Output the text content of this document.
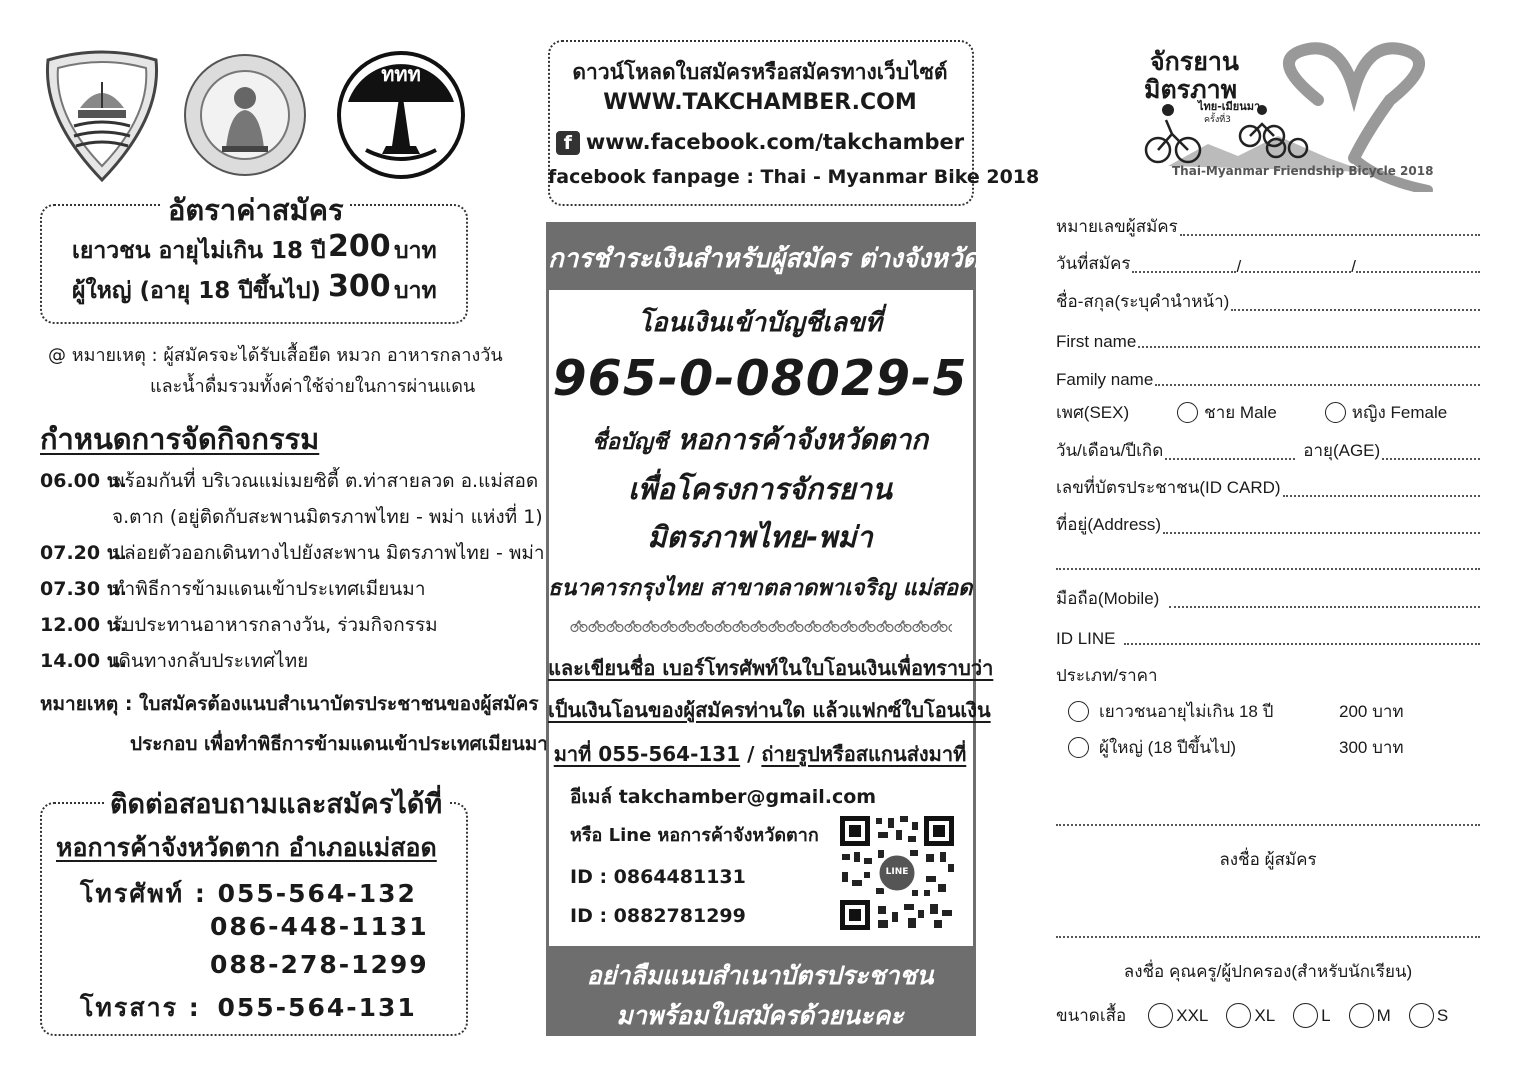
ททท
อัตราค่าสมัคร
เยาวชน อายุไม่เกิน 18 ปี 200 บาท
ผู้ใหญ่ (อายุ 18 ปีขึ้นไป) 300 บาท
@ หมายเหตุ : ผู้สมัครจะได้รับเสื้อยืด หมวก อาหารกลางวัน
และน้ำดื่มรวมทั้งค่าใช้จ่ายในการผ่านแดน
กำหนดการจัดกิจกรรม
06.00 น.พร้อมกันที่ บริเวณแม่เมยซิตี้ ต.ท่าสายลวด อ.แม่สอด
จ.ตาก (อยู่ติดกับสะพานมิตรภาพไทย - พม่า แห่งที่ 1)
07.20 น.ปล่อยตัวออกเดินทางไปยังสะพาน มิตรภาพไทย - พม่า
07.30 น.ทำพิธีการข้ามแดนเข้าประเทศเมียนมา
12.00 น.รับประทานอาหารกลางวัน, ร่วมกิจกรรม
14.00 น.เดินทางกลับประเทศไทย
หมายเหตุ : ใบสมัครต้องแนบสำเนาบัตรประชาชนของผู้สมัคร
ประกอบ เพื่อทำพิธีการข้ามแดนเข้าประเทศเมียนมา
ติดต่อสอบถามและสมัครได้ที่
หอการค้าจังหวัดตาก อำเภอแม่สอด
โทรศัพท์ : 055-564-132
086-448-1131
088-278-1299
โทรสาร : 055-564-131
ดาวน์โหลดใบสมัครหรือสมัครทางเว็บไซต์
WWW.TAKCHAMBER.COM
f www.facebook.com/takchamber
facebook fanpage : Thai - Myanmar Bike 2018
การชำระเงินสำหรับผู้สมัคร ต่างจังหวัด
โอนเงินเข้าบัญชีเลขที่
965-0-08029-5
ชื่อบัญชี หอการค้าจังหวัดตาก
เพื่อโครงการจักรยาน
มิตรภาพไทย-พม่า
ธนาคารกรุงไทย สาขาตลาดพาเจริญ แม่สอด
และเขียนชื่อ เบอร์โทรศัพท์ในใบโอนเงินเพื่อทราบว่า
เป็นเงินโอนของผู้สมัครท่านใด แล้วแฟกซ์ใบโอนเงิน
มาที่ 055-564-131 / ถ่ายรูปหรือสแกนส่งมาที่
อีเมล์ takchamber@gmail.com
หรือ Line หอการค้าจังหวัดตาก
ID : 0864481131
ID : 0882781299
LINE
อย่าลืมแนบสำเนาบัตรประชาชน
มาพร้อมใบสมัครด้วยนะคะ
จักรยาน
มิตรภาพ
ไทย-เมียนมา
ครั้งที่3
Thai-Myanmar Friendship Bicycle 2018
หมายเลขผู้สมัคร
วันที่สมัคร	/	/
ชื่อ-สกุล(ระบุคำนำหน้า)
First name
Family name
เพศ(SEX)	ชาย Male	หญิง Female
วัน/เดือน/ปีเกิด	อายุ(AGE)
เลขที่บัตรประชาชน(ID CARD)
ที่อยู่(Address)
มือถือ(Mobile)
ID LINE
ประเภท/ราคา
เยาวชนอายุไม่เกิน 18 ปี	200 บาท
ผู้ใหญ่ (18 ปีขึ้นไป)	300 บาท
ลงชื่อ ผู้สมัคร
ลงชื่อ คุณครู/ผู้ปกครอง(สำหรับนักเรียน)
ขนาดเสื้อ	XXL	XL	L	M	S
